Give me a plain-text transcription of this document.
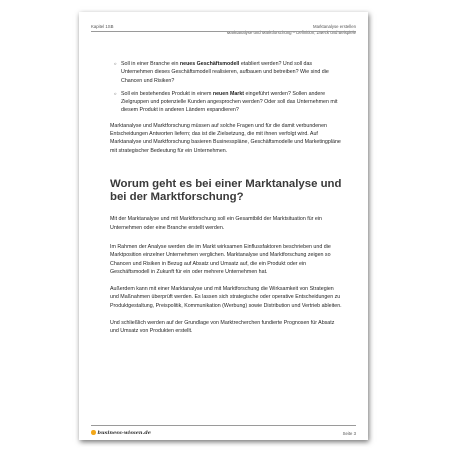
Kapitel 1SB	Marktanalyse erstellen
Marktanalyse und Marktforschung – Definition, Zweck und Beispiele
○ Soll in einer Branche ein neues Geschäftsmodell etabliert werden? Und soll das Unternehmen dieses Geschäftsmodell realisieren, aufbauen und betreiben? Wie sind die Chancen und Risiken?
○ Soll ein bestehendes Produkt in einem neuen Markt eingeführt werden? Sollen andere Zielgruppen und potenzielle Kunden angesprochen werden? Oder soll das Unternehmen mit diesem Produkt in anderen Ländern expandieren?

Marktanalyse und Marktforschung müssen auf solche Fragen und für die damit verbundenen Entscheidungen Antworten liefern; das ist die Zielsetzung, die mit ihnen verfolgt wird. Auf Marktanalyse und Marktforschung basieren Businesspläne, Geschäftsmodelle und Marketingpläne mit strategischer Bedeutung für ein Unternehmen.

Worum geht es bei einer Marktanalyse und bei der Marktforschung?

Mit der Marktanalyse und mit Marktforschung soll ein Gesamtbild der Marktsituation für ein Unternehmen oder eine Branche erstellt werden.

Im Rahmen der Analyse werden die im Markt wirksamen Einflussfaktoren beschrieben und die Marktposition einzelner Unternehmen verglichen. Marktanalyse und Marktforschung zeigen so Chancen und Risiken in Bezug auf Absatz und Umsatz auf, die ein Produkt oder ein Geschäftsmodell in Zukunft für ein oder mehrere Unternehmen hat.

Außerdem kann mit einer Marktanalyse und mit Marktforschung die Wirksamkeit von Strategien und Maßnahmen überprüft werden. Es lassen sich strategische oder operative Entscheidungen zu Produktgestaltung, Preispolitik, Kommunikation (Werbung) sowie Distribution und Vertrieb ableiten.

Und schließlich werden auf der Grundlage von Marktrecherchen fundierte Prognosen für Absatz und Umsatz von Produkten erstellt.

business-wissen.de	Seite 3
